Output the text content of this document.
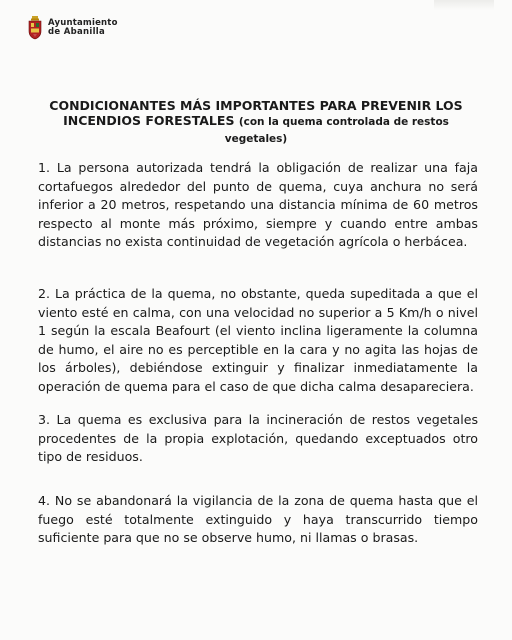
Ayuntamiento
de Abanilla
CONDICIONANTES MÁS IMPORTANTES PARA PREVENIR LOS INCENDIOS FORESTALES (con la quema controlada de restos vegetales)
1. La persona autorizada tendrá la obligación de realizar una faja cortafuegos alrededor del punto de quema, cuya anchura no será inferior a 20 metros, respetando una distancia mínima de 60 metros respecto al monte más próximo, siempre y cuando entre ambas distancias no exista continuidad de vegetación agrícola o herbácea.
2. La práctica de la quema, no obstante, queda supeditada a que el viento esté en calma, con una velocidad no superior a 5 Km/h o nivel 1 según la escala Beafourt (el viento inclina ligeramente la columna de humo, el aire no es perceptible en la cara y no agita las hojas de los árboles), debiéndose extinguir y finalizar inmediatamente la operación de quema para el caso de que dicha calma desapareciera.
3. La quema es exclusiva para la incineración de restos vegetales procedentes de la propia explotación, quedando exceptuados otro tipo de residuos.
4. No se abandonará la vigilancia de la zona de quema hasta que el fuego esté totalmente extinguido y haya transcurrido tiempo suficiente para que no se observe humo, ni llamas o brasas.
